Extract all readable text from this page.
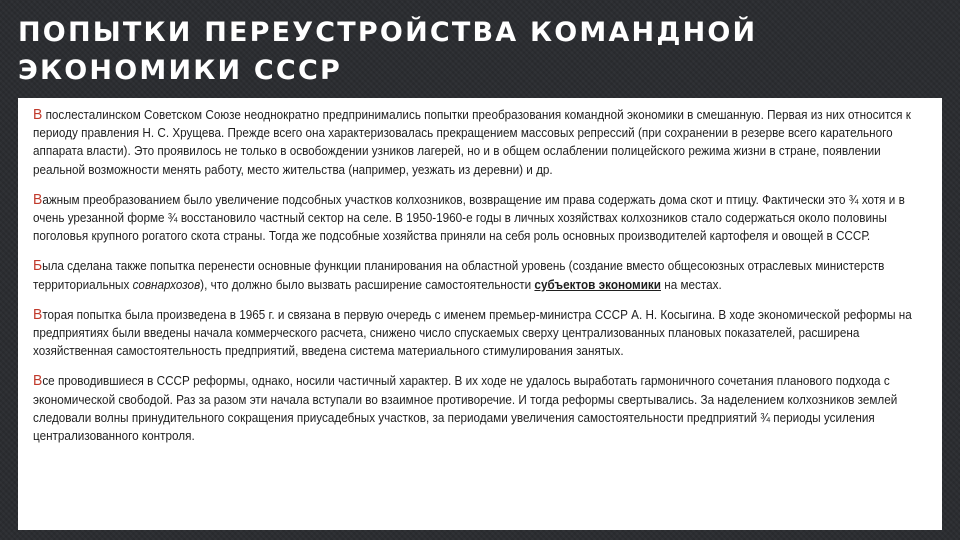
ПОПЫТКИ ПЕРЕУСТРОЙСТВА КОМАНДНОЙ ЭКОНОМИКИ СССР

В послесталинском Советском Союзе неоднократно предпринимались попытки преобразования командной экономики в смешанную. Первая из них относится к периоду правления Н. С. Хрущева. Прежде всего она характеризовалась прекращением массовых репрессий (при сохранении в резерве всего карательного аппарата власти). Это проявилось не только в освобождении узников лагерей, но и в общем ослаблении полицейского режима жизни в стране, появлении реальной возможности менять работу, место жительства (например, уезжать из деревни) и др.

Важным преобразованием было увеличение подсобных участков колхозников, возвращение им права содержать дома скот и птицу. Фактически это ¾ хотя и в очень урезанной форме ¾ восстановило частный сектор на селе. В 1950-1960-е годы в личных хозяйствах колхозников стало содержаться около половины поголовья крупного рогатого скота страны. Тогда же подсобные хозяйства приняли на себя роль основных производителей картофеля и овощей в СССР.

Была сделана также попытка перенести основные функции планирования на областной уровень (создание вместо общесоюзных отраслевых министерств территориальных совнархозов), что должно было вызвать расширение самостоятельности субъектов экономики на местах.

Вторая попытка была произведена в 1965 г. и связана в первую очередь с именем премьер-министра СССР А. Н. Косыгина. В ходе экономической реформы на предприятиях были введены начала коммерческого расчета, снижено число спускаемых сверху централизованных плановых показателей, расширена хозяйственная самостоятельность предприятий, введена система материального стимулирования занятых.

Все проводившиеся в СССР реформы, однако, носили частичный характер. В их ходе не удалось выработать гармоничного сочетания планового подхода с экономической свободой. Раз за разом эти начала вступали во взаимное противоречие. И тогда реформы свертывались. За наделением колхозников землей следовали волны принудительного сокращения приусадебных участков, за периодами увеличения самостоятельности предприятий ¾ периоды усиления централизованного контроля.
